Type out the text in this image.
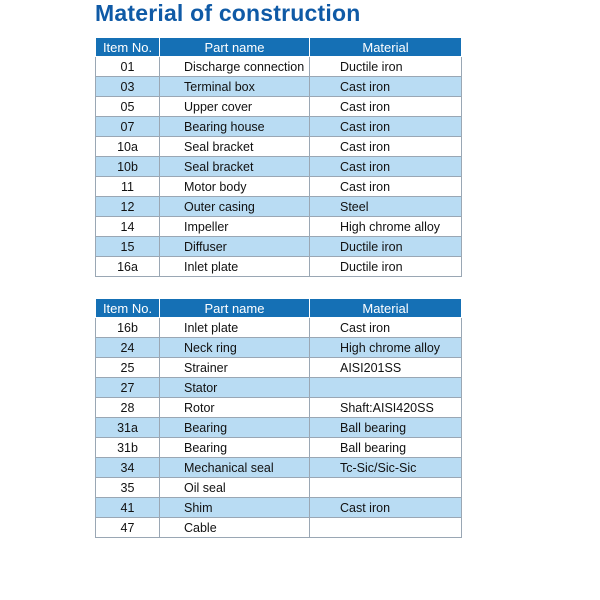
Material of construction
Item No.	Part name	Material
01	Discharge connection	Ductile iron
03	Terminal box	Cast iron
05	Upper cover	Cast iron
07	Bearing house	Cast iron
10a	Seal bracket	Cast iron
10b	Seal bracket	Cast iron
11	Motor body	Cast iron
12	Outer casing	Steel
14	Impeller	High chrome alloy
15	Diffuser	Ductile iron
16a	Inlet plate	Ductile iron
Item No.	Part name	Material
16b	Inlet plate	Cast iron
24	Neck ring	High chrome alloy
25	Strainer	AISI201SS
27	Stator	
28	Rotor	Shaft:AISI420SS
31a	Bearing	Ball bearing
31b	Bearing	Ball bearing
34	Mechanical seal	Tc-Sic/Sic-Sic
35	Oil seal	
41	Shim	Cast iron
47	Cable	
